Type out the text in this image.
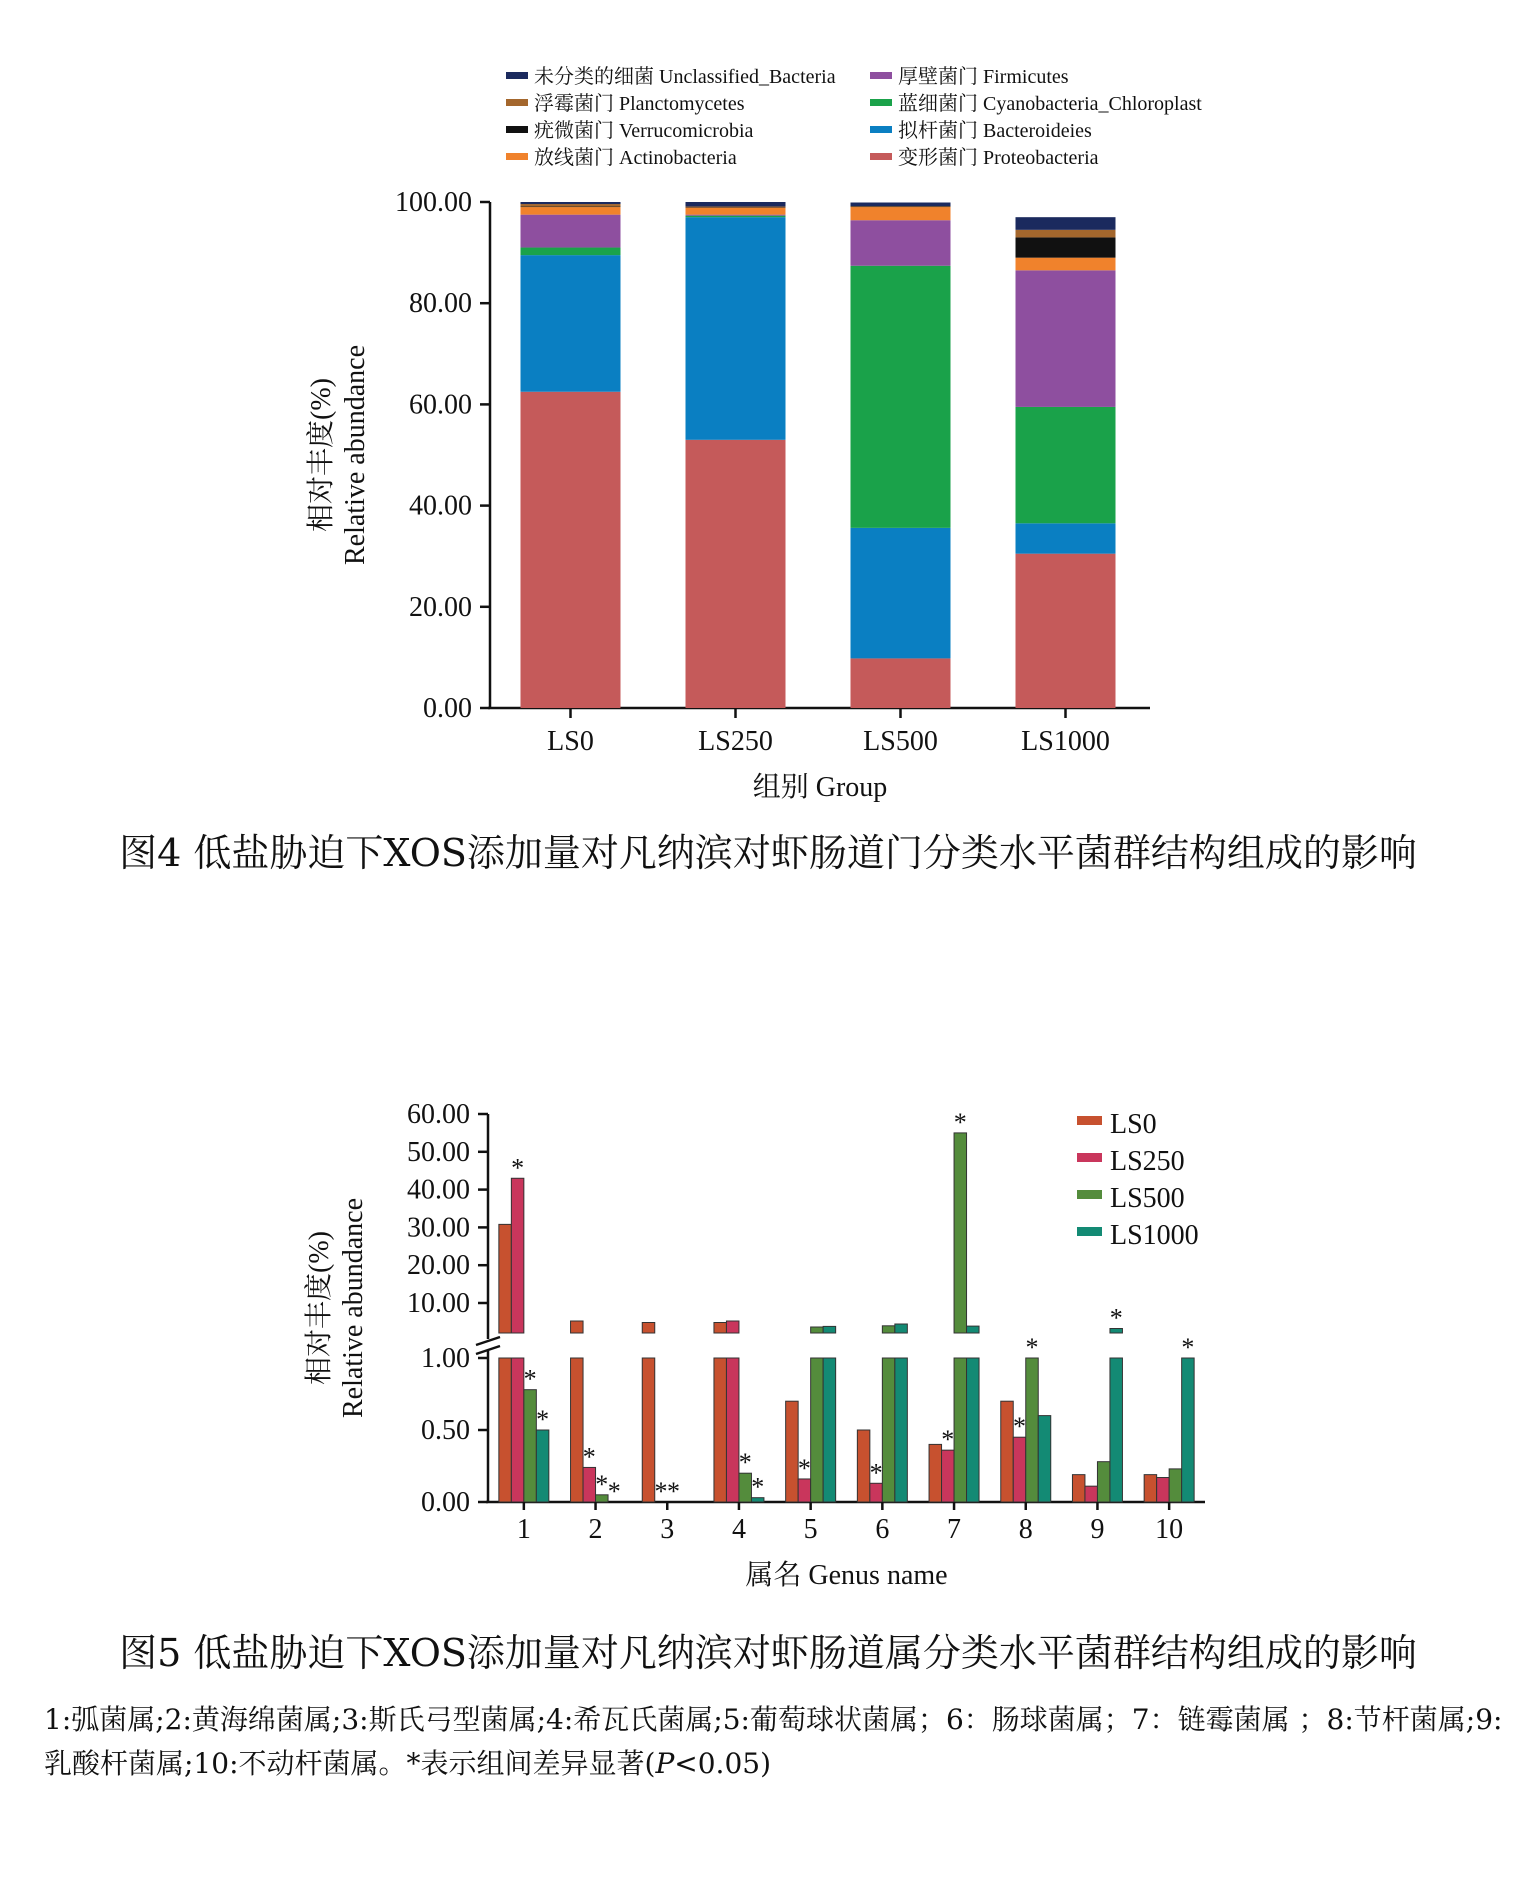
未分类的细菌 Unclassified_Bacteria	厚壁菌门 Firmicutes
浮霉菌门 Planctomycetes	蓝细菌门 Cyanobacteria_Chloroplast
疣微菌门 Verrucomicrobia	拟杆菌门 Bacteroideies
放线菌门 Actinobacteria	变形菌门 Proteobacteria
0.00
20.00
40.00
60.00
80.00
100.00
LS0	LS250	LS500	LS1000
组别 Group
相对丰度(%) Relative abundance
图4 低盐胁迫下XOS添加量对凡纳滨对虾肠道门分类水平菌群结构组成的影响
0.00
0.50
1.00
10.00
20.00
30.00
40.00
50.00
60.00
*
*
*
1
*
* *
2
* *
3
*
*
4
*
5
*
6
*
*
7
*
*
8
*
9
*
10
LS0
LS250
LS500
LS1000
属名 Genus name
相对丰度(%) Relative abundance
图5 低盐胁迫下XOS添加量对凡纳滨对虾肠道属分类水平菌群结构组成的影响
1:弧菌属;2:黄海绵菌属;3:斯氏弓型菌属;4:希瓦氏菌属;5:葡萄球状菌属；6：肠球菌属；7：链霉菌属 ；8:节杆菌属;9:乳酸杆菌属;10:不动杆菌属。*表示组间差异显著(P<0.05)
